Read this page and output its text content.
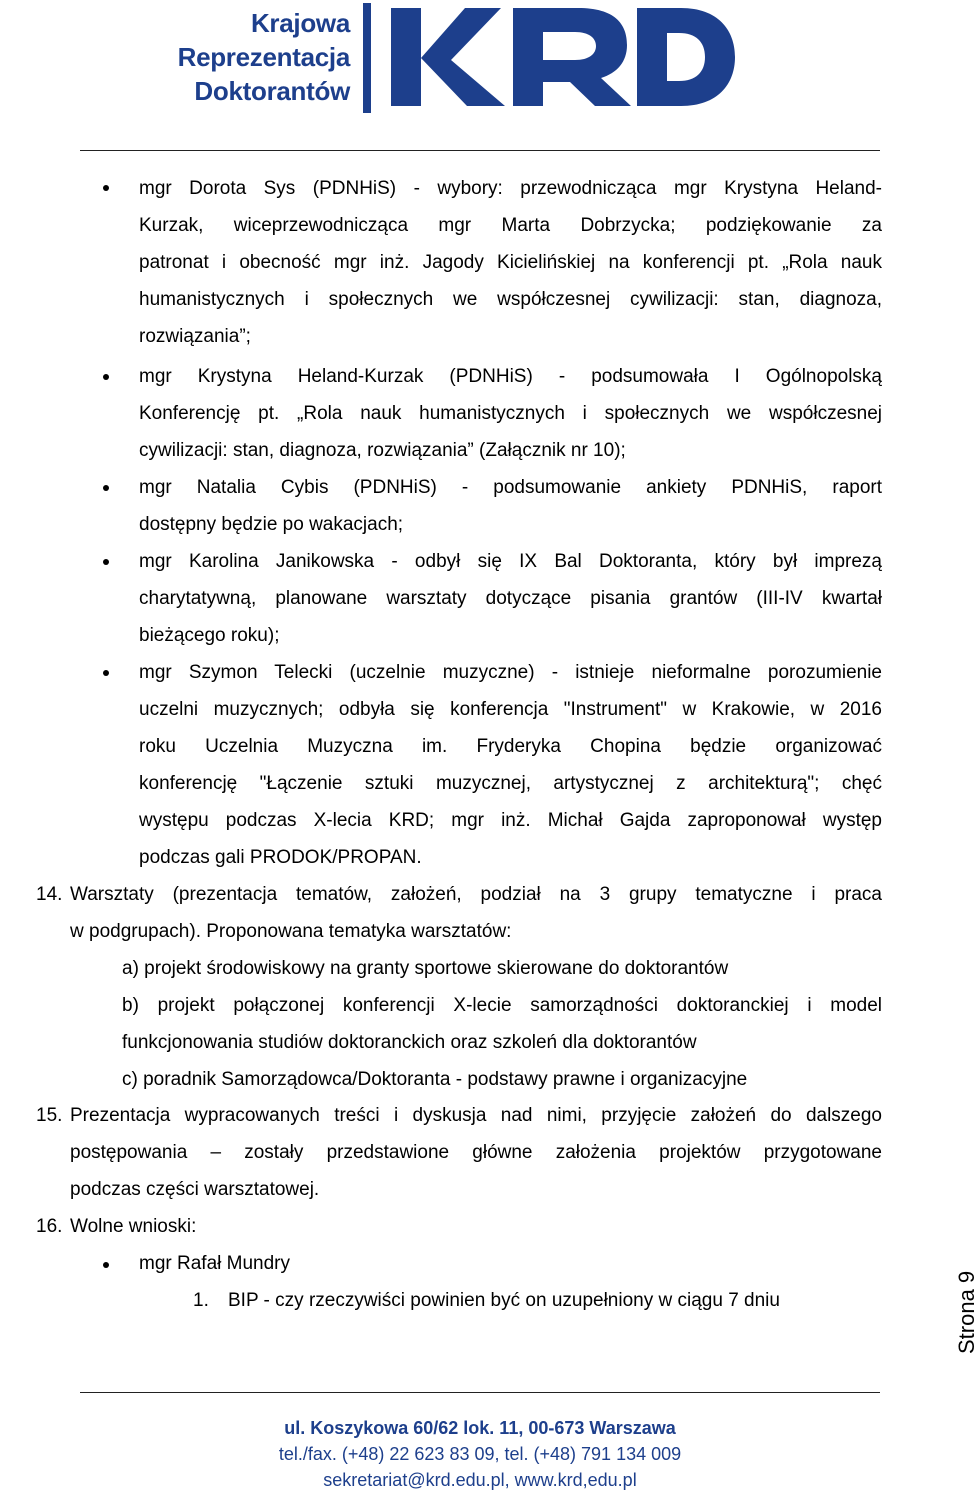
Krajowa
Reprezentacja
Doktorantów
mgr Dorota Sys (PDNHiS) - wybory: przewodnicząca mgr Krystyna Heland-
Kurzak, wiceprzewodnicząca mgr Marta Dobrzycka; podziękowanie za
patronat i obecność mgr inż. Jagody Kicielińskiej na konferencji pt. „Rola nauk
humanistycznych i społecznych we współczesnej cywilizacji: stan, diagnoza,
rozwiązania”;
mgr Krystyna Heland-Kurzak (PDNHiS) - podsumowała I Ogólnopolską
Konferencję pt. „Rola nauk humanistycznych i społecznych we współczesnej
cywilizacji: stan, diagnoza, rozwiązania” (Załącznik nr 10);
mgr Natalia Cybis (PDNHiS) - podsumowanie ankiety PDNHiS, raport
dostępny będzie po wakacjach;
mgr Karolina Janikowska - odbył się IX Bal Doktoranta, który był imprezą
charytatywną, planowane warsztaty dotyczące pisania grantów (III-IV kwartał
bieżącego roku);
mgr Szymon Telecki (uczelnie muzyczne) - istnieje nieformalne porozumienie
uczelni muzycznych; odbyła się konferencja "Instrument" w Krakowie, w 2016
roku Uczelnia Muzyczna im. Fryderyka Chopina będzie organizować
konferencję "Łączenie sztuki muzycznej, artystycznej z architekturą"; chęć
występu podczas X-lecia KRD; mgr inż. Michał Gajda zaproponował występ
podczas gali PRODOK/PROPAN.
14. Warsztaty (prezentacja tematów, założeń, podział na 3 grupy tematyczne i praca
w podgrupach). Proponowana tematyka warsztatów:
a) projekt środowiskowy na granty sportowe skierowane do doktorantów
b) projekt połączonej konferencji X-lecie samorządności doktoranckiej i model
funkcjonowania studiów doktoranckich oraz szkoleń dla doktorantów
c) poradnik Samorządowca/Doktoranta - podstawy prawne i organizacyjne
15. Prezentacja wypracowanych treści i dyskusja nad nimi, przyjęcie założeń do dalszego
postępowania – zostały przedstawione główne założenia projektów przygotowane
podczas części warsztatowej.
16. Wolne wnioski:
mgr Rafał Mundry
1. BIP - czy rzeczywiści powinien być on uzupełniony w ciągu 7 dniu	Strona 9
ul. Koszykowa 60/62 lok. 11, 00-673 Warszawa
tel./fax. (+48) 22 623 83 09, tel. (+48) 791 134 009
sekretariat@krd.edu.pl, www.krd,edu.pl
